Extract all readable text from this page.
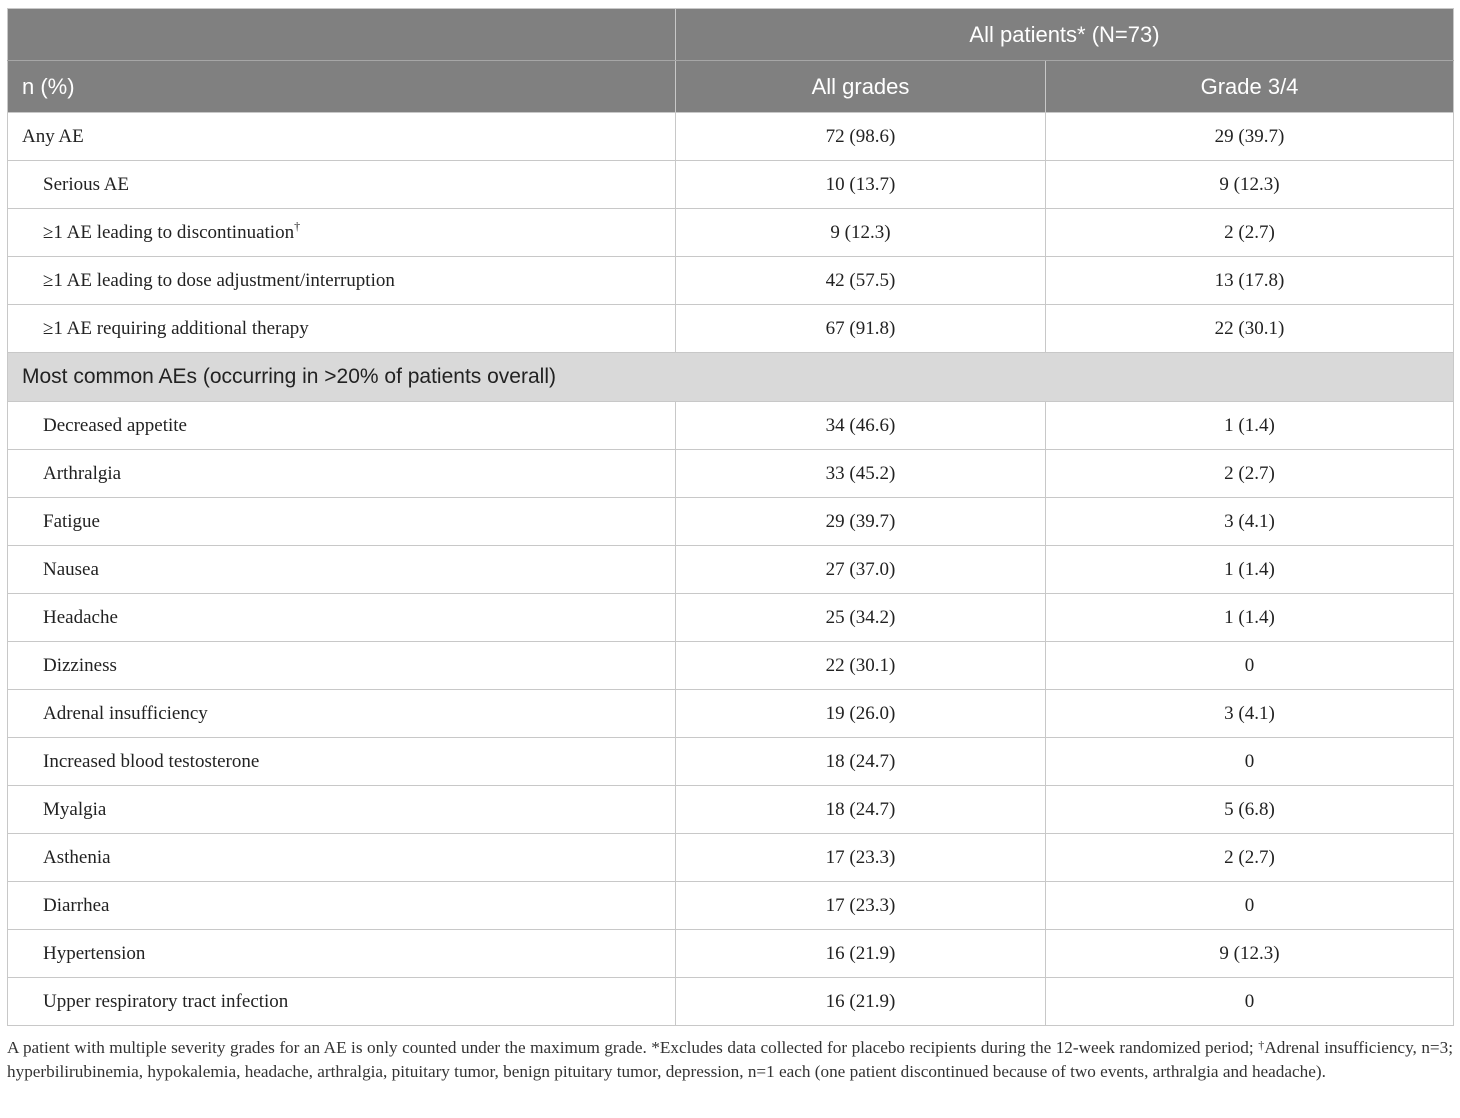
	All patients* (N=73)	
n (%)	All grades	Grade 3/4
Any AE	72 (98.6)	29 (39.7)
Serious AE	10 (13.7)	9 (12.3)
≥1 AE leading to discontinuation†	9 (12.3)	2 (2.7)
≥1 AE leading to dose adjustment/interruption	42 (57.5)	13 (17.8)
≥1 AE requiring additional therapy	67 (91.8)	22 (30.1)
Most common AEs (occurring in >20% of patients overall)		
Decreased appetite	34 (46.6)	1 (1.4)
Arthralgia	33 (45.2)	2 (2.7)
Fatigue	29 (39.7)	3 (4.1)
Nausea	27 (37.0)	1 (1.4)
Headache	25 (34.2)	1 (1.4)
Dizziness	22 (30.1)	0
Adrenal insufficiency	19 (26.0)	3 (4.1)
Increased blood testosterone	18 (24.7)	0
Myalgia	18 (24.7)	5 (6.8)
Asthenia	17 (23.3)	2 (2.7)
Diarrhea	17 (23.3)	0
Hypertension	16 (21.9)	9 (12.3)
Upper respiratory tract infection	16 (21.9)	0
A patient with multiple severity grades for an AE is only counted under the maximum grade. *Excludes data collected for placebo recipients during the 12-week randomized period; †Adrenal insufficiency, n=3; hyperbilirubinemia, hypokalemia, headache, arthralgia, pituitary tumor, benign pituitary tumor, depression, n=1 each (one patient discontinued because of two events, arthralgia and headache).
